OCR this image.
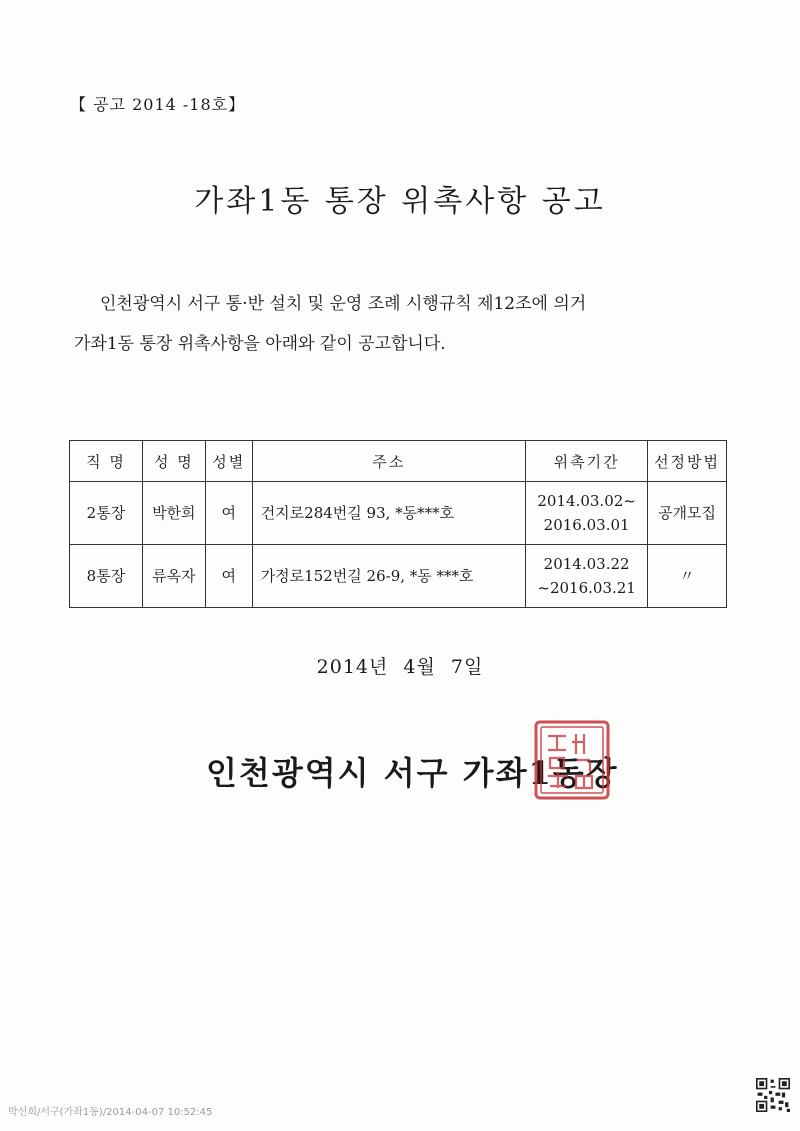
【 공고 2014 -18호】
가좌1동 통장 위촉사항 공고
인천광역시 서구 통·반 설치 및 운영 조례 시행규칙 제12조에 의거
가좌1동 통장 위촉사항을 아래와 같이 공고합니다.
직 명	성 명	성별	주소	위촉기간	선정방법
2통장	박한희	여	건지로284번길 93, *동***호	2014.03.02~
2016.03.01	공개모집
8통장	류옥자	여	가정로152번길 26-9, *동 ***호	2014.03.22
~2016.03.21	〃
2014년 4월 7일
인천광역시 서구 가좌1동장
박선희/서구(가좌1동)/2014-04-07 10:52:45
